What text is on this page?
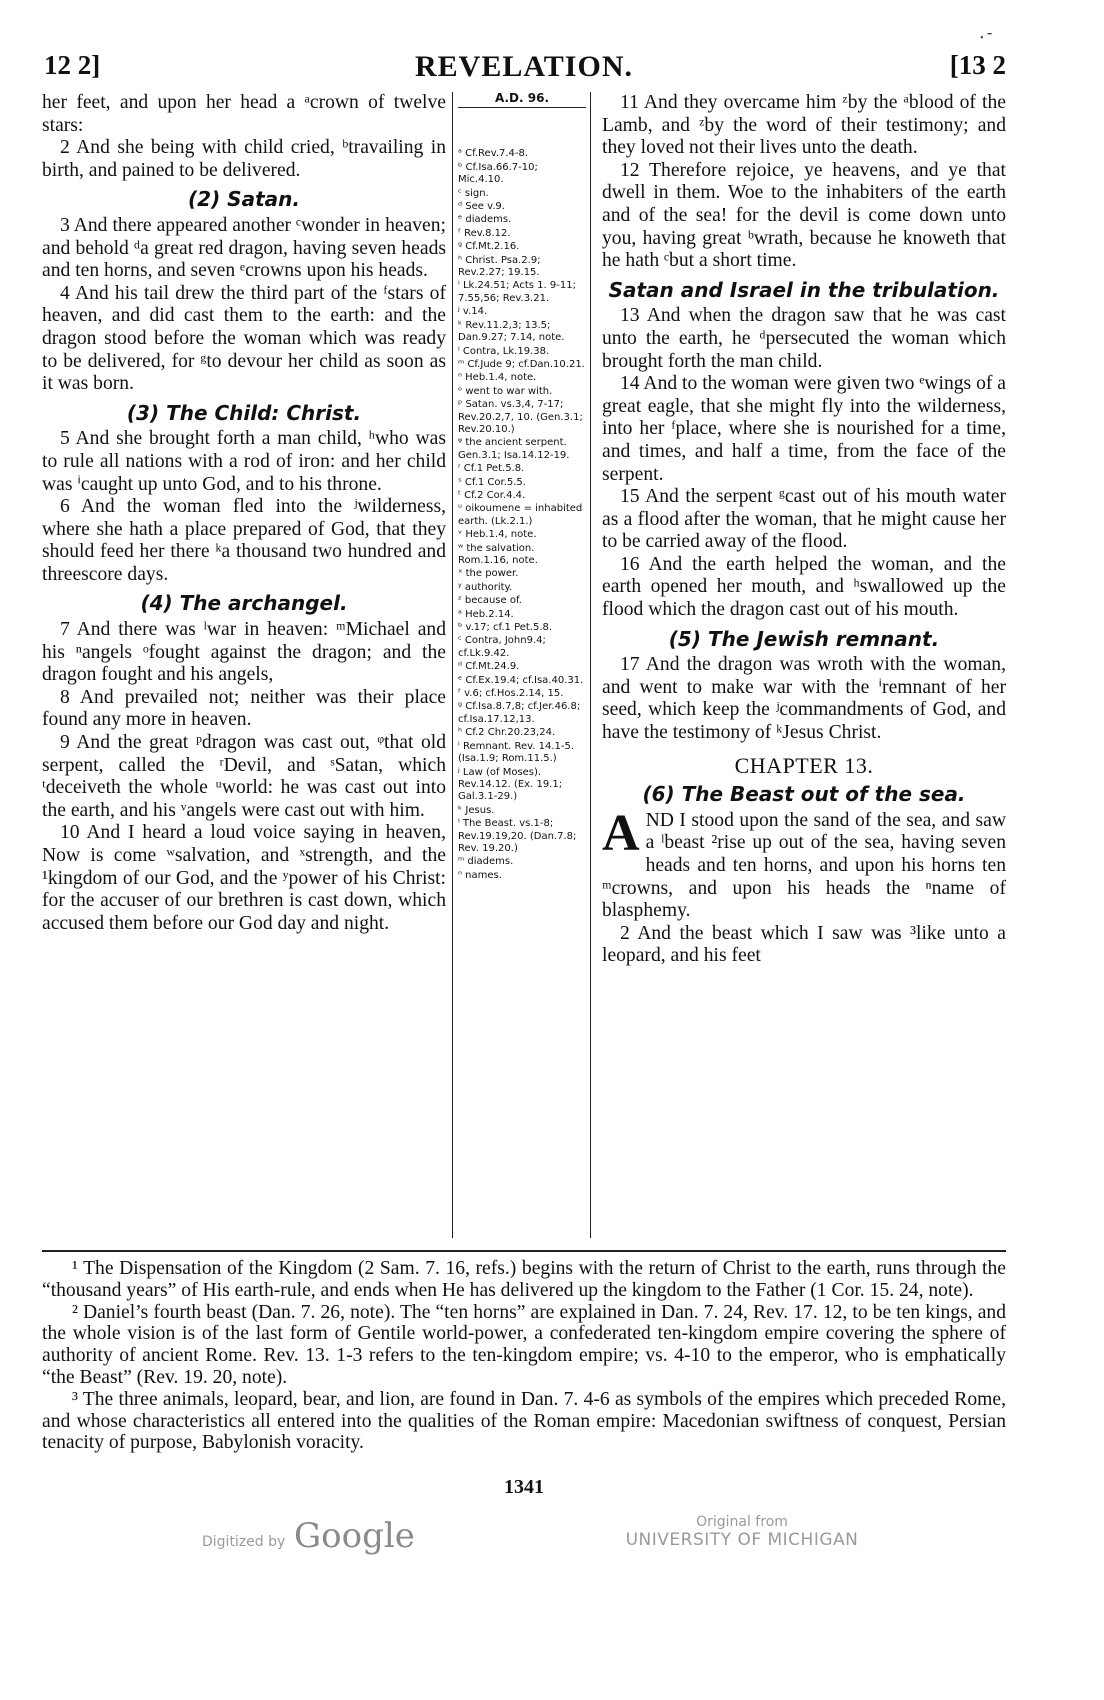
12 2]	REVELATION.	[13 2
⸱ ⁻

her feet, and upon her head a ᵃcrown of twelve stars:

2 And she being with child cried, ᵇtravailing in birth, and pained to be delivered.

(2) Satan.

3 And there appeared another ᶜwonder in heaven; and behold ᵈa great red dragon, having seven heads and ten horns, and seven ᵉcrowns upon his heads.

4 And his tail drew the third part of the ᶠstars of heaven, and did cast them to the earth: and the dragon stood before the woman which was ready to be delivered, for ᵍto devour her child as soon as it was born.

(3) The Child: Christ.

5 And she brought forth a man child, ʰwho was to rule all nations with a rod of iron: and her child was ⁱcaught up unto God, and to his throne.

6 And the woman fled into the ʲwilderness, where she hath a place prepared of God, that they should feed her there ᵏa thousand two hundred and threescore days.

(4) The archangel.

7 And there was ˡwar in heaven: ᵐMichael and his ⁿangels ᵒfought against the dragon; and the dragon fought and his angels,

8 And prevailed not; neither was their place found any more in heaven.

9 And the great ᵖdragon was cast out, ᵠthat old serpent, called the ʳDevil, and ˢSatan, which ᵗdeceiveth the whole ᵘworld: he was cast out into the earth, and his ᵛangels were cast out with him.

10 And I heard a loud voice saying in heaven, Now is come ʷsalvation, and ˣstrength, and the ¹kingdom of our God, and the ʸpower of his Christ: for the accuser of our brethren is cast down, which accused them before our God day and night.

A.D. 96.
ᵃ Cf.Rev.7.4-8.
ᵇ Cf.Isa.66.7-10; Mic.4.10.
ᶜ sign.
ᵈ See v.9.
ᵉ diadems.
ᶠ Rev.8.12.
ᵍ Cf.Mt.2.16.
ʰ Christ. Psa.2.9; Rev.2.27; 19.15.
ⁱ Lk.24.51; Acts 1. 9-11; 7.55,56; Rev.3.21.
ʲ v.14.
ᵏ Rev.11.2,3; 13.5; Dan.9.27; 7.14, note.
ˡ Contra, Lk.19.38.
ᵐ Cf.Jude 9; cf.Dan.10.21.
ⁿ Heb.1.4, note.
ᵒ went to war with.
ᵖ Satan. vs.3,4, 7-17; Rev.20.2,7, 10. (Gen.3.1; Rev.20.10.)
ᵠ the ancient serpent. Gen.3.1; Isa.14.12-19.
ʳ Cf.1 Pet.5.8.
ˢ Cf.1 Cor.5.5.
ᵗ Cf.2 Cor.4.4.
ᵘ oikoumene = inhabited earth. (Lk.2.1.)
ᵛ Heb.1.4, note.
ʷ the salvation. Rom.1.16, note.
ˣ the power.
ʸ authority.
ᶻ because of.
ᵃ Heb.2.14.
ᵇ v.17; cf.1 Pet.5.8.
ᶜ Contra, John9.4; cf.Lk.9.42.
ᵈ Cf.Mt.24.9.
ᵉ Cf.Ex.19.4; cf.Isa.40.31.
ᶠ v.6; cf.Hos.2.14, 15.
ᵍ Cf.Isa.8.7,8; cf.Jer.46.8; cf.Isa.17.12,13.
ʰ Cf.2 Chr.20.23,24.
ⁱ Remnant. Rev. 14.1-5. (Isa.1.9; Rom.11.5.)
ʲ Law (of Moses). Rev.14.12. (Ex. 19.1; Gal.3.1-29.)
ᵏ Jesus.
ˡ The Beast. vs.1-8; Rev.19.19,20. (Dan.7.8; Rev. 19.20.)
ᵐ diadems.
ⁿ names.

11 And they overcame him ᶻby the ᵃblood of the Lamb, and ᶻby the word of their testimony; and they loved not their lives unto the death.

12 Therefore rejoice, ye heavens, and ye that dwell in them. Woe to the inhabiters of the earth and of the sea! for the devil is come down unto you, having great ᵇwrath, because he knoweth that he hath ᶜbut a short time.

Satan and Israel in the tribulation.

13 And when the dragon saw that he was cast unto the earth, he ᵈpersecuted the woman which brought forth the man child.

14 And to the woman were given two ᵉwings of a great eagle, that she might fly into the wilderness, into her ᶠplace, where she is nourished for a time, and times, and half a time, from the face of the serpent.

15 And the serpent ᵍcast out of his mouth water as a flood after the woman, that he might cause her to be carried away of the flood.

16 And the earth helped the woman, and the earth opened her mouth, and ʰswallowed up the flood which the dragon cast out of his mouth.

(5) The Jewish remnant.

17 And the dragon was wroth with the woman, and went to make war with the ⁱremnant of her seed, which keep the ʲcommandments of God, and have the testimony of ᵏJesus Christ.

CHAPTER 13.
(6) The Beast out of the sea.

AND I stood upon the sand of the sea, and saw a ˡbeast ²rise up out of the sea, having seven heads and ten horns, and upon his horns ten ᵐcrowns, and upon his heads the ⁿname of blasphemy.

2 And the beast which I saw was ³like unto a leopard, and his feet

¹ The Dispensation of the Kingdom (2 Sam. 7. 16, refs.) begins with the return of Christ to the earth, runs through the “thousand years” of His earth-rule, and ends when He has delivered up the kingdom to the Father (1 Cor. 15. 24, note).

² Daniel’s fourth beast (Dan. 7. 26, note). The “ten horns” are explained in Dan. 7. 24, Rev. 17. 12, to be ten kings, and the whole vision is of the last form of Gentile world-power, a confederated ten-kingdom empire covering the sphere of authority of ancient Rome. Rev. 13. 1-3 refers to the ten-kingdom empire; vs. 4-10 to the emperor, who is emphatically “the Beast” (Rev. 19. 20, note).

³ The three animals, leopard, bear, and lion, are found in Dan. 7. 4-6 as symbols of the empires which preceded Rome, and whose characteristics all entered into the qualities of the Roman empire: Macedonian swiftness of conquest, Persian tenacity of purpose, Babylonish voracity.

1341
Digitized by Google	Original from
UNIVERSITY OF MICHIGAN
